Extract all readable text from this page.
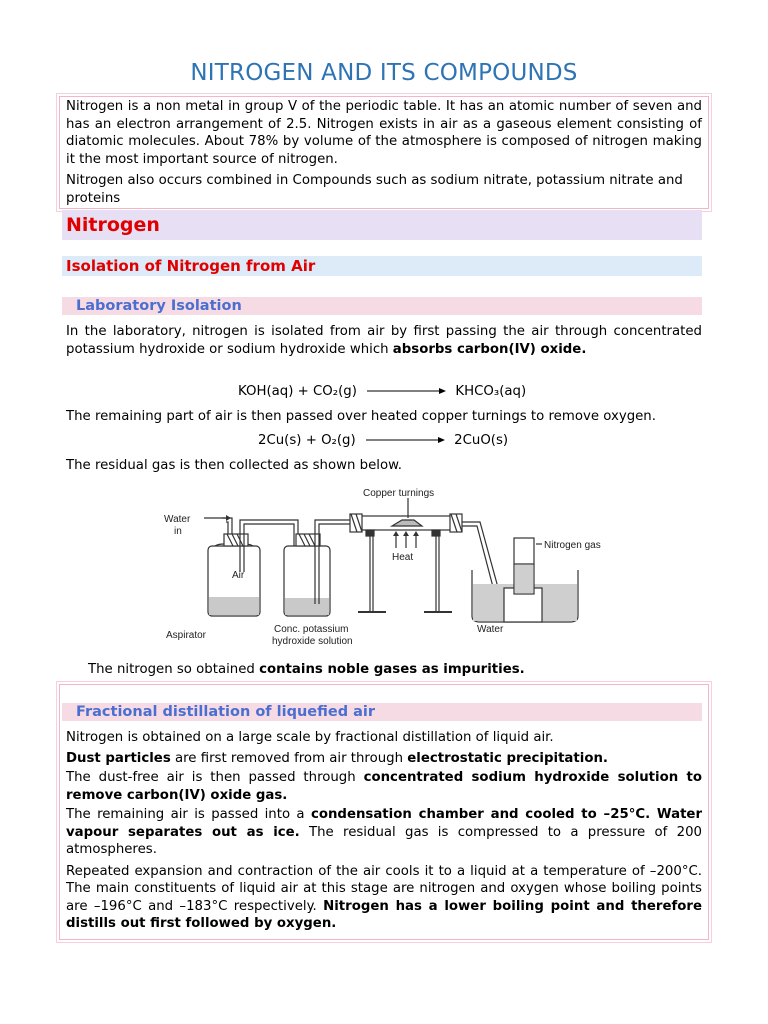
NITROGEN AND ITS COMPOUNDS

Nitrogen is a non metal in group V of the periodic table. It has an atomic number of seven and has an electron arrangement of 2.5. Nitrogen exists in air as a gaseous element consisting of diatomic molecules. About 78% by volume of the atmosphere is composed of nitrogen making it the most important source of nitrogen.

Nitrogen also occurs combined in Compounds such as sodium nitrate, potassium nitrate and proteins

Nitrogen
Isolation of Nitrogen from Air
Laboratory Isolation

In the laboratory, nitrogen is isolated from air by first passing the air through concentrated potassium hydroxide or sodium hydroxide which absorbs carbon(IV) oxide.

KOH(aq) + CO₂(g)	KHCO₃(aq)

The remaining part of air is then passed over heated copper turnings to remove oxygen.

2Cu(s) + O₂(g)	2CuO(s)

The residual gas is then collected as shown below.

Water
in
Air
Aspirator
Conc. potassium
hydroxide solution
Copper turnings
Heat
Nitrogen gas
Water

The nitrogen so obtained contains noble gases as impurities.

Fractional distillation of liquefied air

Nitrogen is obtained on a large scale by fractional distillation of liquid air.

Dust particles are first removed from air through electrostatic precipitation.

The dust-free air is then passed through concentrated sodium hydroxide solution to remove carbon(IV) oxide gas.

The remaining air is passed into a condensation chamber and cooled to –25°C. Water vapour separates out as ice. The residual gas is compressed to a pressure of 200 atmospheres.

Repeated expansion and contraction of the air cools it to a liquid at a temperature of –200°C. The main constituents of liquid air at this stage are nitrogen and oxygen whose boiling points are –196°C and –183°C respectively. Nitrogen has a lower boiling point and therefore distills out first followed by oxygen.
